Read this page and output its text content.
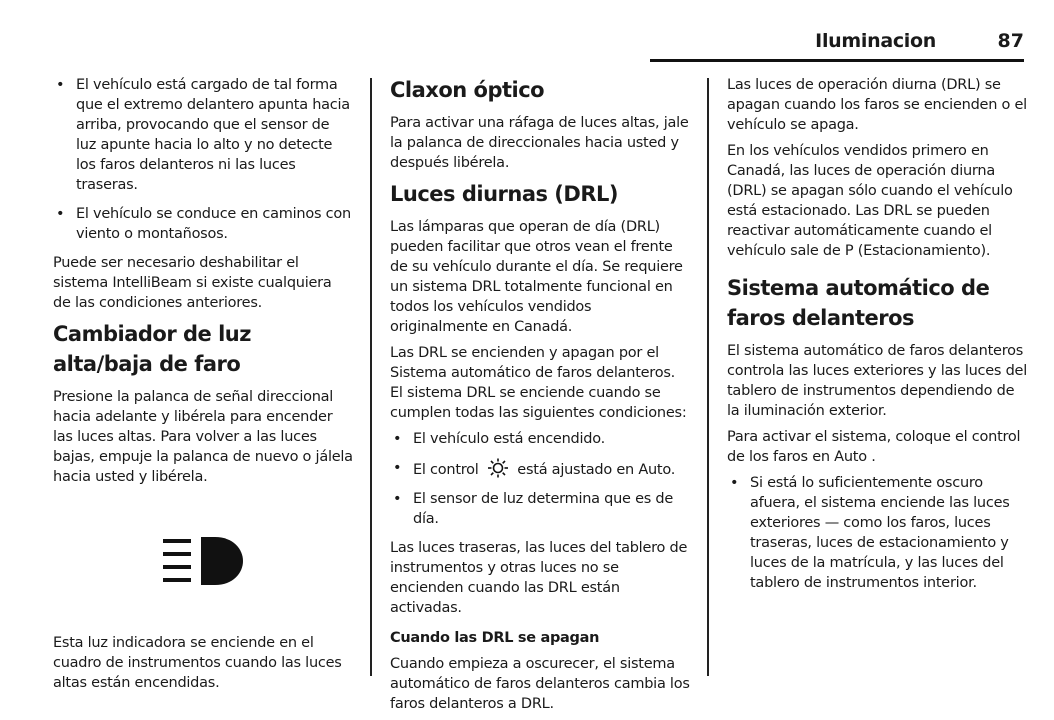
Iluminacion	87
• El vehículo está cargado de tal forma que el extremo delantero apunta hacia arriba, provocando que el sensor de luz apunte hacia lo alto y no detecte los faros delanteros ni las luces traseras.
• El vehículo se conduce en caminos con viento o montañosos.

Puede ser necesario deshabilitar el sistema IntelliBeam si existe cualquiera de las condiciones anteriores.

Cambiador de luz alta/baja de faro

Presione la palanca de señal direccional hacia adelante y libérela para encender las luces altas. Para volver a las luces bajas, empuje la palanca de nuevo o jálela hacia usted y libérela.

Esta luz indicadora se enciende en el cuadro de instrumentos cuando las luces altas están encendidas.

Claxon óptico

Para activar una ráfaga de luces altas, jale la palanca de direccionales hacia usted y después libérela.

Luces diurnas (DRL)

Las lámparas que operan de día (DRL) pueden facilitar que otros vean el frente de su vehículo durante el día. Se requiere un sistema DRL totalmente funcional en todos los vehículos vendidos originalmente en Canadá.

Las DRL se encienden y apagan por el Sistema automático de faros delanteros. El sistema DRL se enciende cuando se cumplen todas las siguientes condiciones:

• El vehículo está encendido.
• El control	está ajustado en Auto.
• El sensor de luz determina que es de día.

Las luces traseras, las luces del tablero de instrumentos y otras luces no se encienden cuando las DRL están activadas.

Cuando las DRL se apagan

Cuando empieza a oscurecer, el sistema automático de faros delanteros cambia los faros delanteros a DRL.

Las luces de operación diurna (DRL) se apagan cuando los faros se encienden o el vehículo se apaga.

En los vehículos vendidos primero en Canadá, las luces de operación diurna (DRL) se apagan sólo cuando el vehículo está estacionado. Las DRL se pueden reactivar automáticamente cuando el vehículo sale de P (Estacionamiento).

Sistema automático de faros delanteros

El sistema automático de faros delanteros controla las luces exteriores y las luces del tablero de instrumentos dependiendo de la iluminación exterior.

Para activar el sistema, coloque el control de los faros en Auto .

• Si está lo suficientemente oscuro afuera, el sistema enciende las luces exteriores — como los faros, luces traseras, luces de estacionamiento y luces de la matrícula, y las luces del tablero de instrumentos interior.
